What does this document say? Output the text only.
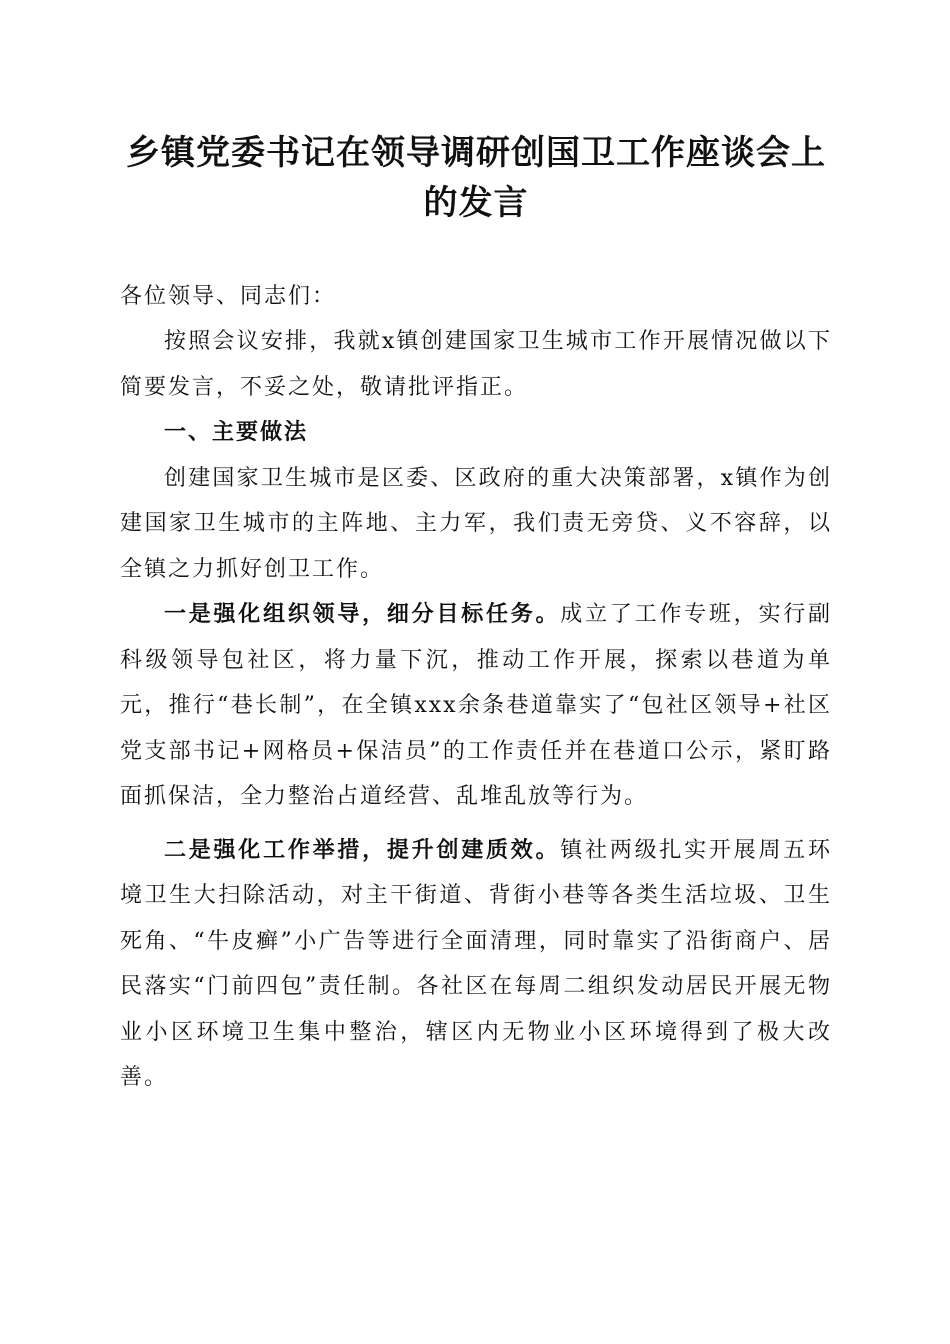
乡镇党委书记在领导调研创国卫工作座谈会上的发言

各位领导、同志们：

按照会议安排，我就x镇创建国家卫生城市工作开展情况做以下简要发言，不妥之处，敬请批评指正。

一、主要做法

创建国家卫生城市是区委、区政府的重大决策部署，x镇作为创建国家卫生城市的主阵地、主力军，我们责无旁贷、义不容辞，以全镇之力抓好创卫工作。

一是强化组织领导，细分目标任务。成立了工作专班，实行副科级领导包社区，将力量下沉，推动工作开展，探索以巷道为单元，推行“巷长制”，在全镇xxx余条巷道靠实了“包社区领导+社区党支部书记+网格员+保洁员”的工作责任并在巷道口公示，紧盯路面抓保洁，全力整治占道经营、乱堆乱放等行为。

二是强化工作举措，提升创建质效。镇社两级扎实开展周五环境卫生大扫除活动，对主干街道、背街小巷等各类生活垃圾、卫生死角、“牛皮癣”小广告等进行全面清理，同时靠实了沿街商户、居民落实“门前四包”责任制。各社区在每周二组织发动居民开展无物业小区环境卫生集中整治，辖区内无物业小区环境得到了极大改善。
